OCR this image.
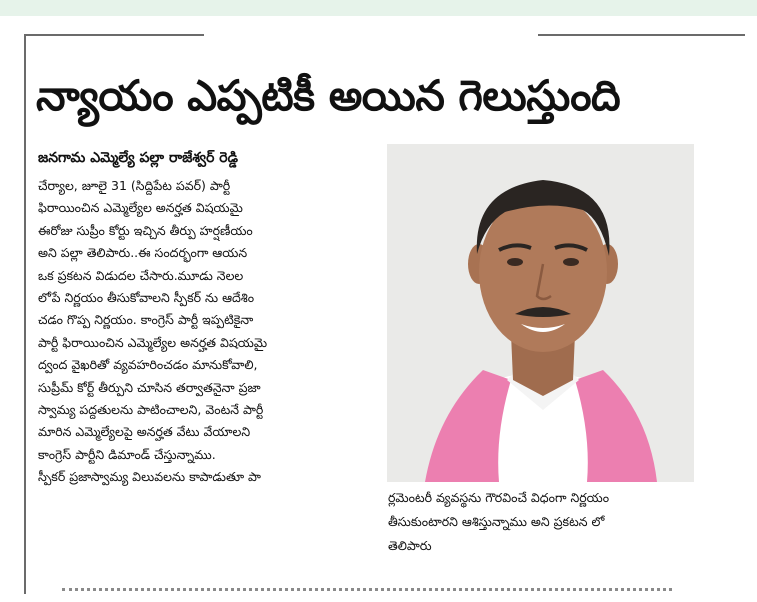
న్యాయం ఎప్పటికీ అయిన గెలుస్తుంది
జనగామ ఎమ్మెల్యే పల్లా రాజేశ్వర్ రెడ్డి
చేర్యాల, జూలై 31 (సిద్దిపేట పవర్) పార్టీ
ఫిరాయించిన ఎమ్మెల్యేల అనర్హత విషయమై
ఈరోజు సుప్రీం కోర్టు ఇచ్చిన తీర్పు హర్షణీయం
అని పల్లా తెలిపారు..ఈ సందర్భంగా ఆయన
ఒక ప్రకటన విడుదల చేసారు.మూడు నెలల
లోపే నిర్ణయం తీసుకోవాలని స్పీకర్ ను ఆదేశిం
చడం గొప్ప నిర్ణయం. కాంగ్రెస్ పార్టీ ఇప్పటికైనా
పార్టీ ఫిరాయించిన ఎమ్మెల్యేల అనర్హత విషయమై
ద్వంద వైఖరితో వ్యవహరించడం మానుకోవాలి,
సుప్రీమ్ కోర్ట్ తీర్పుని చూసిన తర్వాతనైనా ప్రజా
స్వామ్య పద్దతులను పాటించాలని, వెంటనే పార్టీ
మారిన ఎమ్మెల్యేలపై అనర్హత వేటు వేయాలని
కాంగ్రెస్ పార్టీని డిమాండ్ చేస్తున్నాము.
స్పీకర్ ప్రజాస్వామ్య విలువలను కాపాడుతూ పా
ర్లమెంటరీ వ్యవస్థను గౌరవించే విధంగా నిర్ణయం
తీసుకుంటారని ఆశిస్తున్నాము అని ప్రకటన లో
తెలిపారు
